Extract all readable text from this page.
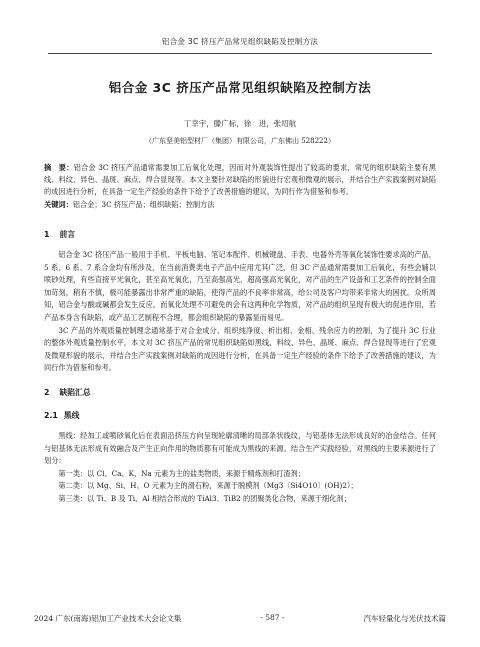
铝合金 3C 挤压产品常见组织缺陷及控制方法
铝合金 3C 挤压产品常见组织缺陷及控制方法

丁幸宇，滕广标，徐　进，张绍航

（广东坚美铝型材厂（集团）有限公司，广东佛山 528222）

摘　要：铝合金 3C 挤压产品通常需要加工后氧化处理，因而对外观装饰性提出了较高的要求，常见的组织缺陷主要有黑线、料纹、异色、晶斑、麻点、焊合显现等。本文主要针对缺陷的形貌进行宏观和微观的展示，并结合生产实践案例对缺陷的成因进行分析，在具备一定生产经验的条件下给予了改善措施的建议，为同行作为借鉴和参考。

关键词：铝合金；3C 挤压产品；组织缺陷；控制方法

1 前言

铝合金 3C 挤压产品一般用于手机、平板电脑、笔记本配件、机械键盘、手表、电器外壳等氧化装饰性要求高的产品，5 系、6 系、7 系合金均有所涉及，在当前消费类电子产品中应用尤其广泛，但 3C 产品通常需要加工后氧化，有些会辅以喷砂处理，有些直接平光氧化，甚至高光氧化，乃至高强高光、超高强高光氧化，对产品的生产设备和工艺条件的控制全面加苛刻，稍有不慎，极可能暴露出非常严重的缺陷，使得产品的不良率非常高，给公司及客户均带来非常大的困扰。众所周知，铝合金与酸或碱都会发生反应，而氧化处理不可避免的会有这两种化学物质，对产品的组织呈现有极大的促进作用，若产品本身含有缺陷，或产品工艺制程不合理，都会组织缺陷的暴露显而易见。

3C 产品的外观质量控制理念通常基于对合金成分、组织纯净度、析出相、金相、残余应力的控制，为了提升 3C 行业的整体外观质量控制水平，本文对 3C 挤压产品的常见组织缺陷如黑线、料纹、异色、晶斑、麻点、焊合显现等进行了宏观及微观形貌的展示，并结合生产实践案例对缺陷的成因进行分析，在具备一定生产经验的条件下给予了改善措施的建议，为同行作为借鉴和参考。

2 缺陷汇总
2.1 黑线

黑线：经加工或喷砂氧化后在表面沿挤压方向呈现轮廓清晰的局部条状线纹，与铝基体无法形成良好的冶金结合。任何与铝基体无法形成有效融合及产生正向作用的物质都有可能成为黑线的来源。结合生产实践经验，对黑线的主要来源进行了划分：

第一类：以 Cl、Ca、K、Na 元素为主的盐类物质，来源于精炼剂和打渣剂；

第二类：以 Mg、Si、H、O 元素为主的滑石粉，来源于脱模剂（Mg3〔Si4O10〕(OH)2）；

第三类：以 Ti、B 及 Ti、Al 相结合形成的 TiAl3、TiB2 的团聚类化合物，来源于细化剂；

2024 广东(南海)铝加工产业技术大会论文集	- 587 -	汽车轻量化与光伏技术篇
